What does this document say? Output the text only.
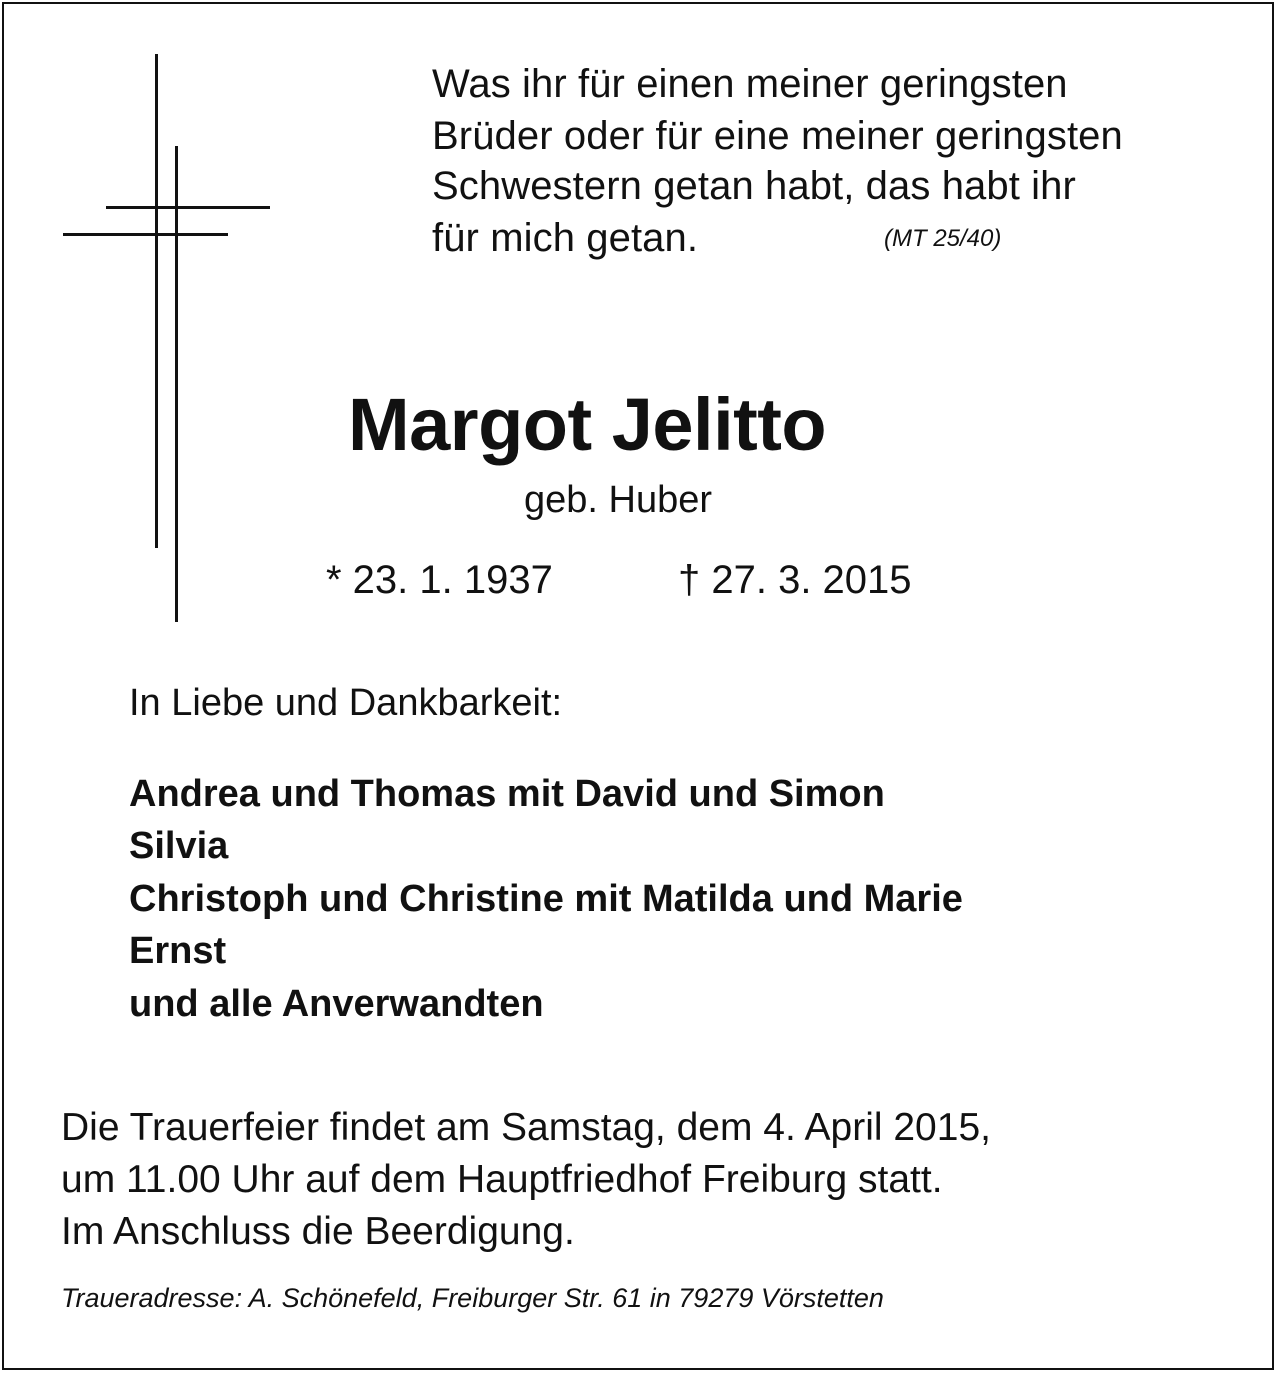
Was ihr für einen meiner geringsten
Brüder oder für eine meiner geringsten
Schwestern getan habt, das habt ihr
für mich getan.	(MT 25/40)
Margot Jelitto
geb. Huber
* 23. 1. 1937	† 27. 3. 2015
In Liebe und Dankbarkeit:
Andrea und Thomas mit David und Simon
Silvia
Christoph und Christine mit Matilda und Marie
Ernst
und alle Anverwandten
Die Trauerfeier findet am Samstag, dem 4. April 2015,
um 11.00 Uhr auf dem Hauptfriedhof Freiburg statt.
Im Anschluss die Beerdigung.
Traueradresse: A. Schönefeld, Freiburger Str. 61 in 79279 Vörstetten
